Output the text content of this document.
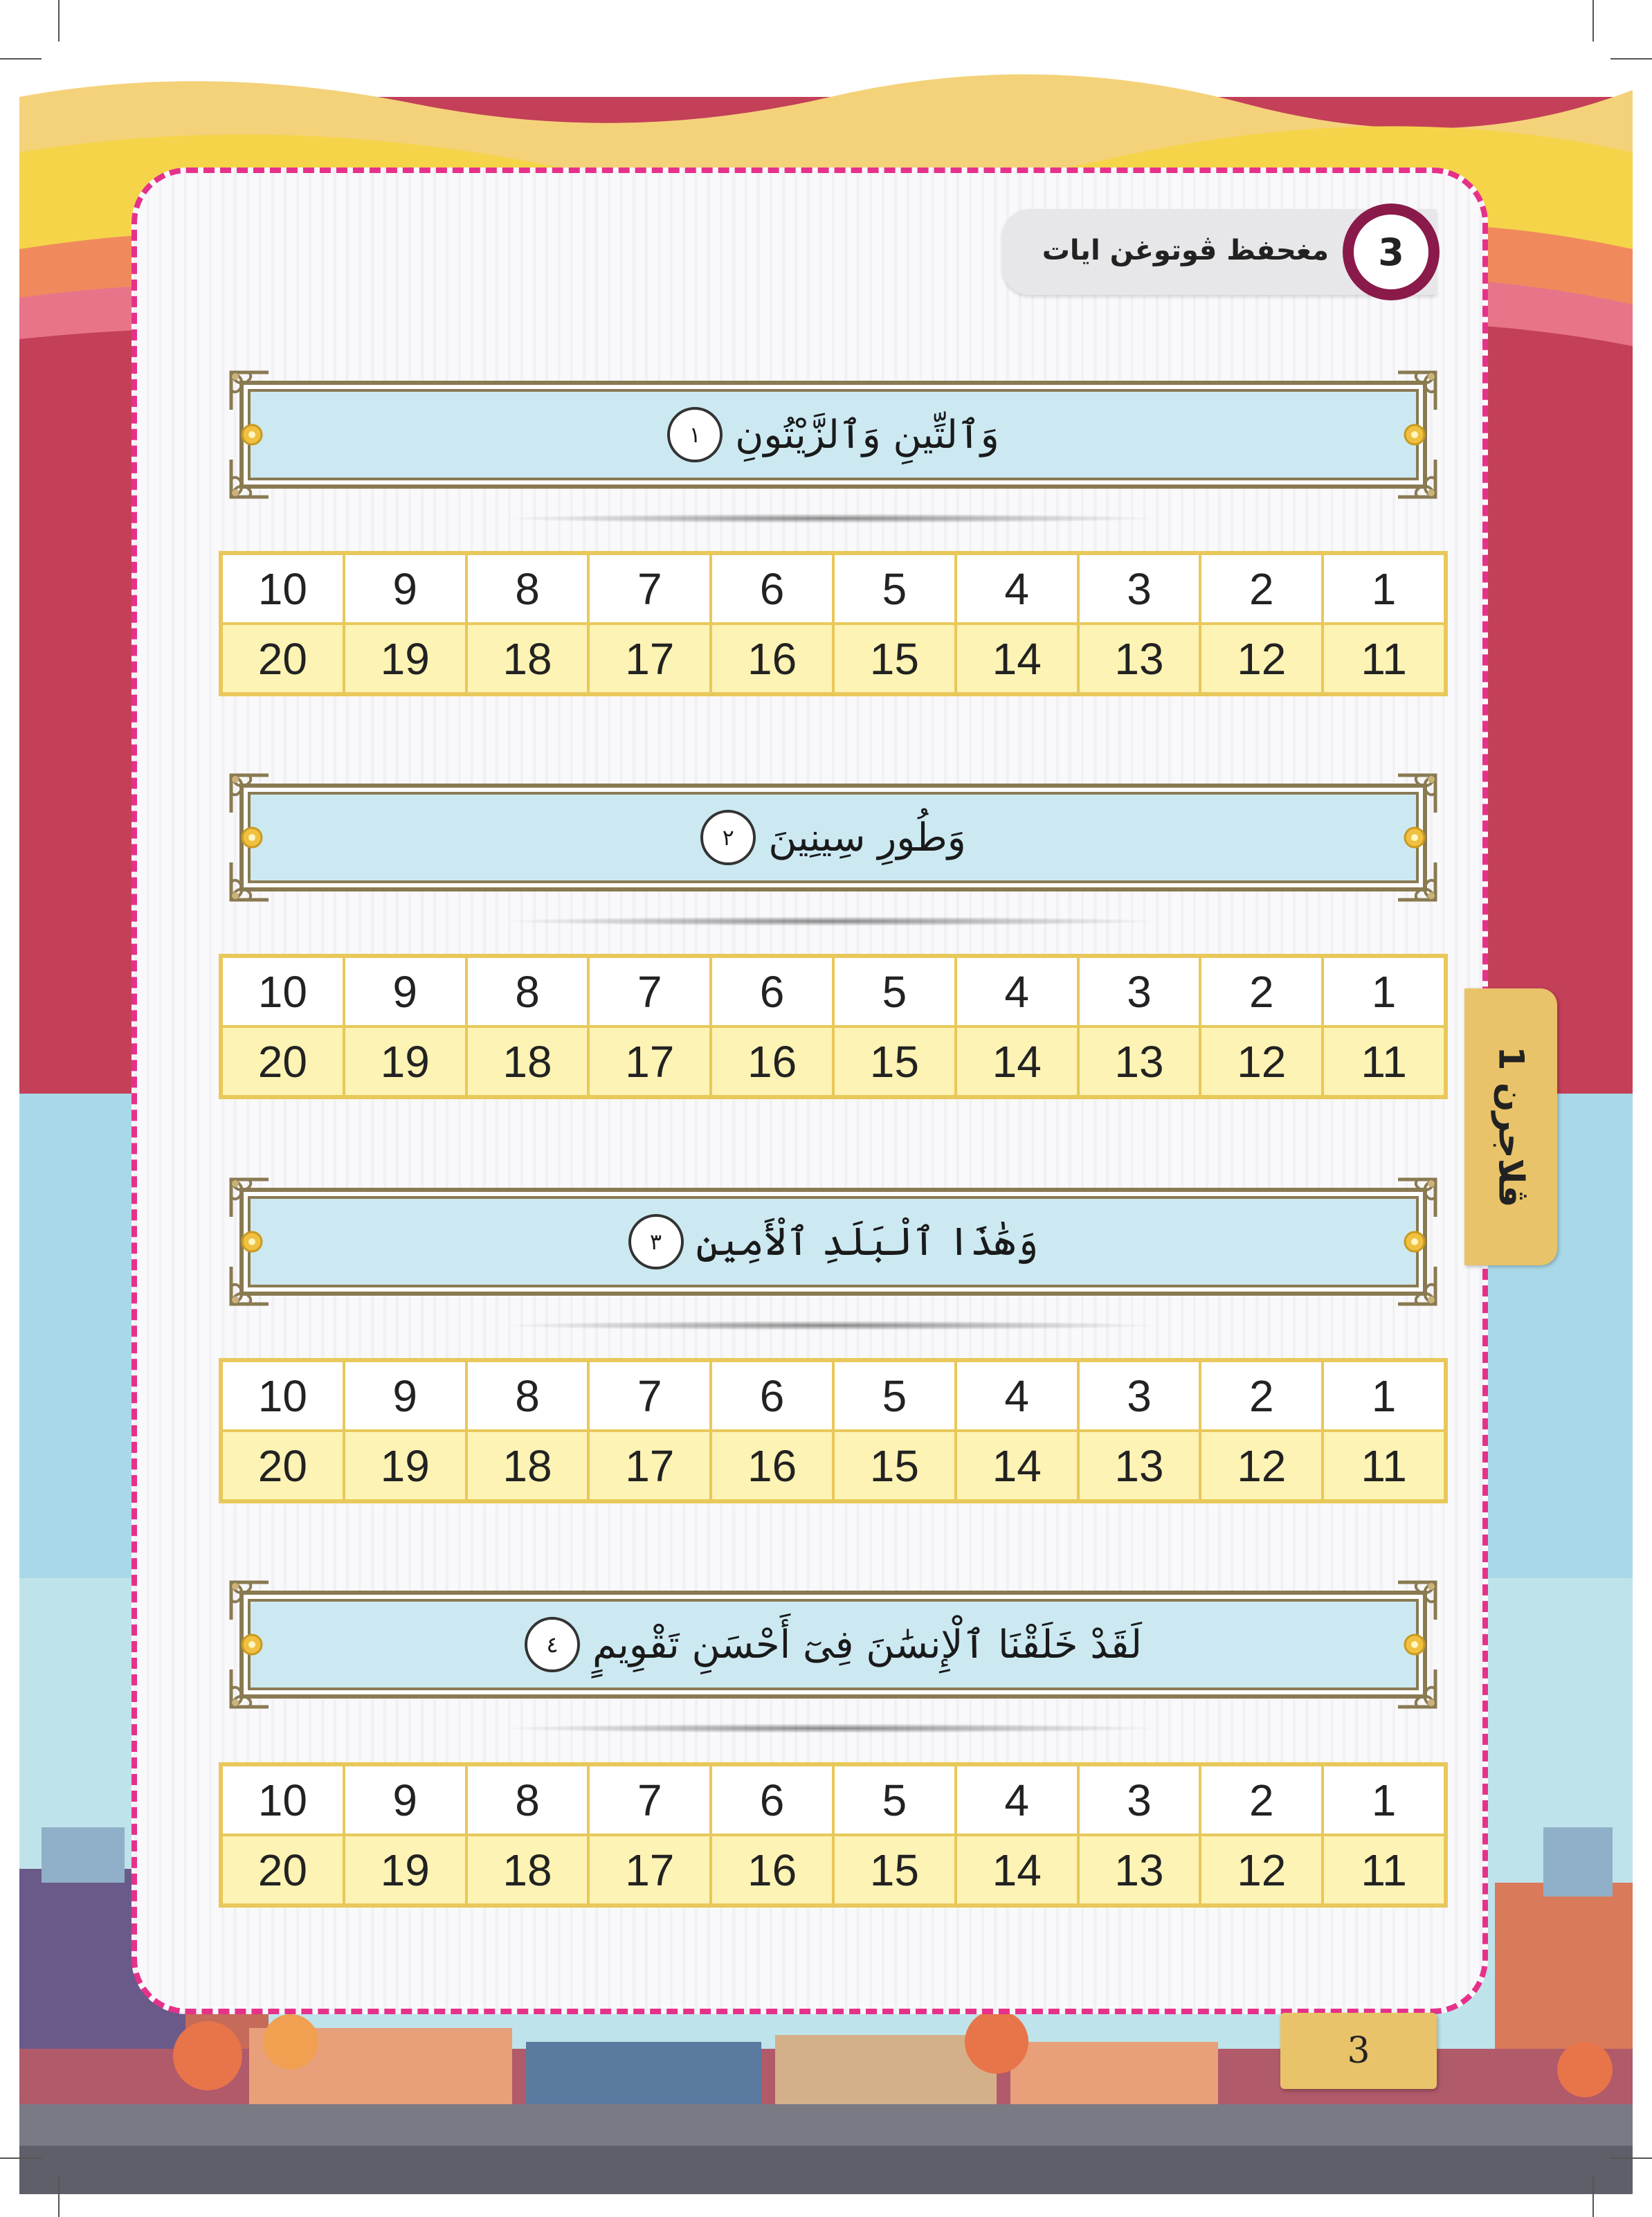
مغحفظ ڤوتوغن ايات	3
ڤلاجرن 1
3
وَٱلتِّينِ وَٱلزَّيْتُونِ
١
10	9	8	7	6	5	4	3	2	1
20	19	18	17	16	15	14	13	12	11
وَطُورِ سِينِينَ
٢
10	9	8	7	6	5	4	3	2	1
20	19	18	17	16	15	14	13	12	11
وَهَٰذَا ٱلْبَلَدِ ٱلْأَمِينِ
٣
10	9	8	7	6	5	4	3	2	1
20	19	18	17	16	15	14	13	12	11
لَقَدْ خَلَقْنَا ٱلْإِنسَٰنَ فِىٓ أَحْسَنِ تَقْوِيمٍ
٤
10	9	8	7	6	5	4	3	2	1
20	19	18	17	16	15	14	13	12	11
